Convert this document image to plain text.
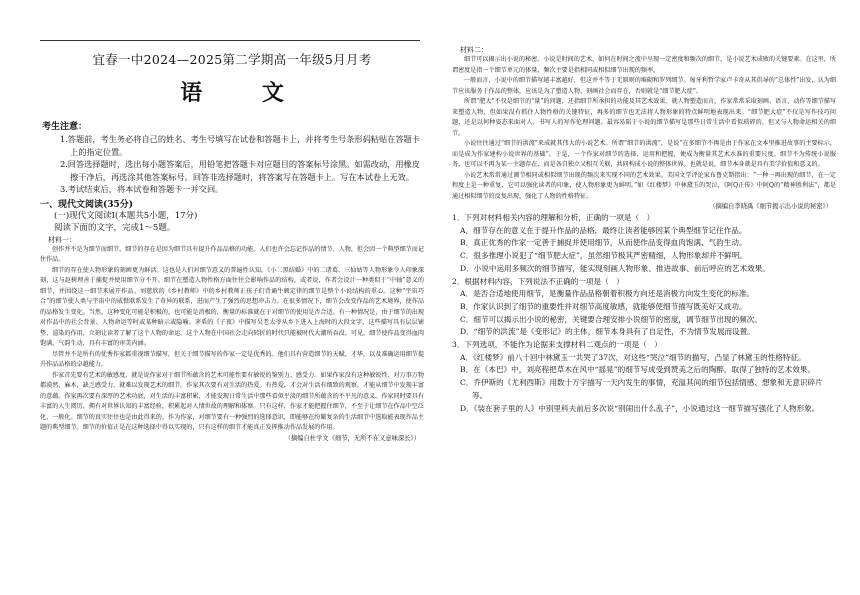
宜春一中2024—2025第二学期高一年级5月月考
语 文
考生注意：
1.答题前，考生务必将自己的姓名、考生号填写在试卷和答题卡上，并将考生号条形码粘贴在答题卡上的指定位置。
2.回答选择题时，选出每小题答案后，用铅笔把答题卡对应题目的答案标号涂黑。如需改动，用橡皮擦干净后，再选涂其他答案标号。回答非选择题时，将答案写在答题卡上。写在本试卷上无效。
3.考试结束后，将本试卷和答题卡一并交回。
一、现代文阅读(35分)
(一)现代文阅读Ⅰ(本题共5小题，17分)
阅读下面的文字，完成1～5题。
材料一：

创作并不是为细节而细节。细节的存在是因为细节具有提升作品品格的功能。人们也许会忘记作品的情节、人物，但会因一个典型细节而记住作品。

细节的存在使人物形象的刻画更为鲜活。这也是人们对细节意义的普遍性认知。《小二黑结婚》中的二诸葛、三仙姑等人物形象令人印象深刻，这与赵树理善于捕捉并使用细节分不开。细节在塑造人物性格方面往往会影响作品的结构，或者说，作者会设计一种类似于“中轴”意义的细节，并围绕这一细节来展开作品。刘慈欣的《乡村教师》中的乡村教师正孩子们背诵牛顿定律的细节是整个小说结构的重心。这种“宇宙巧合”的细节使人类与宇宙中的威慑联系发生了奇异的联系，进而产生了强烈的思想冲击力。在很多情况下，细节会改变作品的艺术境界，使作品的品格发生变化。当然，这种变化可能是积极的，也可能是消极的，衡量的标准就在于对细节的使用是否合适。有一种情况是，由于细节的出现对作品中的社会背景、人物命运等时或某种暗示或隐喻。茅盾的《子夜》中描写吴老太爷从乡下进入上海时的大段文字，这些描写具有层层铺垫、渲染的作用，立刻让读者了解了这个人物的命运。这个人物在中国社会走向转折的时代只能被时代大潮所吞没。可见，细节使作品变得血肉饱满、气韵生动，具有丰富的审美内涵。

尽管并不是所有的优秀作家都重视细节描写，但关于细节描写的作家一定是优秀的。他们具有营造细节的天赋、才华，以及准确运用细节提升作品品格的卓越能力。

作家首先要有艺术的敏感度，就是说作家对于细节所蕴含的艺术可能性要有敏锐的鉴别力、感受力。如果作家没有这种敏锐性，对万事万物都漠然、麻木，缺乏感受力，就难以发现艺术的细节。作家其次要有对生活的热爱。有热爱，才会对生活有细致的观察，才能从细节中发现丰富的意蕴。作家再次要有深厚的艺术功底，对生活的丰富积累，才能发现日常生活中那些看似平淡的细节所蕴含的不平凡的意义。作家同时要具有丰富的人生阅历，拥有对世界认知的丰富经验，积累起对人情世故的理解和体察。只有这样，作家才能把握住细节，不至于让细节在作品中空泛化，一般化。细节的真实往往也是由此得来的。作为作家，对细节要有一种强烈的选择意识，即能够在纷繁复杂的生活细节中选取能表现作品主题的典型细节。细节的价值正是在这种选择中得以实现的，只有这样的细节才能真正发挥推动作品发展的作用。

（摘编自杜学文《细节，无所不在又意味深长》）
材料二：

细节可以揭示出小说的秘密。小说是时间的艺术，如何在时间之流中呈现一定密度和频次的细节，是小说艺术成败的关键要素。在这里，所谓密度是指一个细节单元的体量，频次主要是指相同或相似细节出现的频率。

一般而言，小说中的细节描写越丰富越好，但这并不等于无原则的堆砌和罗列细节。匈牙利哲学家卢卡奇从其倡导的“总体性”出发，认为细节应该服务于作品的整体，应该是为了塑造人物、刻画社会而存在，否则就是“细节肥大症”。

所谓“肥大”不仅是细节的“量”的问题，还指细节所承担的功能及其艺术效果。就人物塑造而言，作家常常采取刻画、语言、动作等细节描写来塑造人物，但如果没有抓住人物性格的关键特征，再多的细节也无法将人物形象的特点鲜明地表现出来。“细节肥大症”不仅是写作技巧问题，还是以何种姿态来面对人、书写人的写作伦理问题。最容易陷于小说的细节描写是那些日常生活中看似琐碎的、但又与人物命运相关的细节。

小说往往通过“细节的洪流”来成就其伟大的小说艺术。所谓“细节的洪流”，是说“在多细节不再是由于作家在文本里推进故事的主要标示，而是成为作家建构小说世界的基础”。于是，一个作家对细节的选择、运用和把握，便成为衡量其艺术水准的重要尺度。细节不为传统小说服务，也可以不再为某一主题存在，而是各自独立又相互关联，共同构成小说的整体世界。也就是说，细节本身就是具有美学价值和意义的。

小说艺术常常通过调节相同或相似细节出现的频次来实现不同的艺术效果。美国文学评论家布鲁克斯指出：“一种一再出现的细节，在一定程度上是一种重复，它可以强化读者的印象，使人物形象更为鲜明。”如《红楼梦》中林黛玉的哭泣，《阿Q正传》中阿Q的“精神胜利法”，都是通过相似细节的反复出现，强化了人物的性格特征。

（摘编自李晓禹《细节揭示出小说的秘密》）
1．下列对材料相关内容的理解和分析，正确的一项是（　）
A．细节存在的意义在于提升作品的品格，最终让读者能够因某个典型细节记住作品。
B．真正优秀的作家一定善于捕捉并使用细节，从而使作品变得血肉饱满、气韵生动。
C．很多推理小说犯了“细节肥大症”，虽然细节极其严密精细，人物形象却并不鲜明。
D．小说中运用多频次的细节描写，能实现刻画人物形象、推进故事、前后呼应的艺术效果。
2．根据材料内容，下列说法不正确的一项是（　）
A．是否合适地使用细节，是衡量作品品格朝着积极方向还是消极方向发生变化的标准。
B．作家认识到了细节的重要性并对细节高度敏感，就能够使细节描写既美好又成功。
C．细节可以揭示出小说的秘密，关键要合理安排小说细节的密度，调节细节出现的频次。
D．“细节的洪流”是《变形记》的主体，细节本身具有了自足性，不为情节发展而设置。
3．下列选项，不能作为论据来支撑材料二观点的一项是（　）
A．《红楼梦》前八十回中林黛玉一共哭了37次，对这些“哭泣”细节的描写，凸显了林黛玉的性格特征。
B．在《本巴》中，刘亮程把草木在风中“摇晃”的细节写成受到赞美之后的陶醉，取得了独特的艺术效果。
C．乔伊斯的《尤利西斯》用数十万字描写一天内发生的事情，充溢其间的细节包括情感、想象和无意识碎片等。
D．《装在套子里的人》中别里科夫前后多次说“别闹出什么乱子”，小说通过这一细节描写强化了人物形象。
